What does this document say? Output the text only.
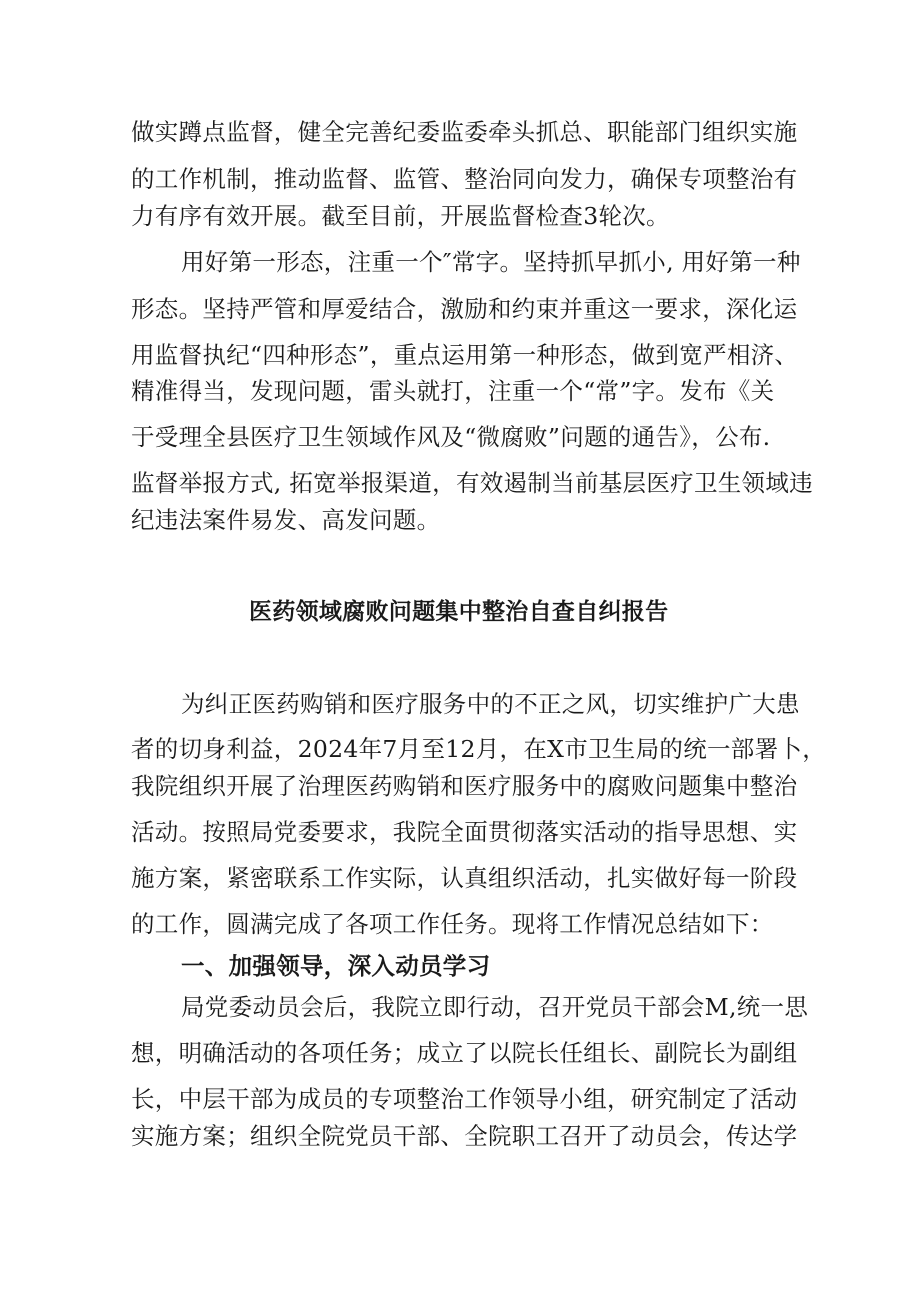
做实蹲点监督，健全完善纪委监委牵头抓总、职能部门组织实施
的工作机制，推动监督、监管、整治同向发力，确保专项整治有
力有序有效开展。截至目前，开展监督检查3轮次。
用好第一形态，注重一个″常字。坚持抓早抓小, 用好第一种
形态。坚持严管和厚爱结合，激励和约束并重这一要求，深化运
用监督执纪“四种形态”，重点运用第一种形态，做到宽严相济、
精准得当，发现问题，雷头就打，注重一个“常”字。发布《关
于受理全县医疗卫生领域作风及“微腐败”问题的通告》，公布.
监督举报方式, 拓宽举报渠道，有效遏制当前基层医疗卫生领域违
纪违法案件易发、高发问题。
医药领域腐败问题集中整治自查自纠报告
为纠正医药购销和医疗服务中的不正之风，切实维护广大患
者的切身利益，2024年7月至12月，在X市卫生局的统一部署卜，
我院组织开展了治理医药购销和医疗服务中的腐败问题集中整治
活动。按照局党委要求，我院全面贯彻落实活动的指导思想、实
施方案，紧密联系工作实际，认真组织活动，扎实做好每一阶段
的工作，圆满完成了各项工作任务。现将工作情况总结如下：
一、加强领导，深入动员学习
局党委动员会后，我院立即行动，召开党员干部会M,统一思
想，明确活动的各项任务；成立了以院长任组长、副院长为副组
长，中层干部为成员的专项整治工作领导小组，研究制定了活动
实施方案；组织全院党员干部、全院职工召开了动员会，传达学
